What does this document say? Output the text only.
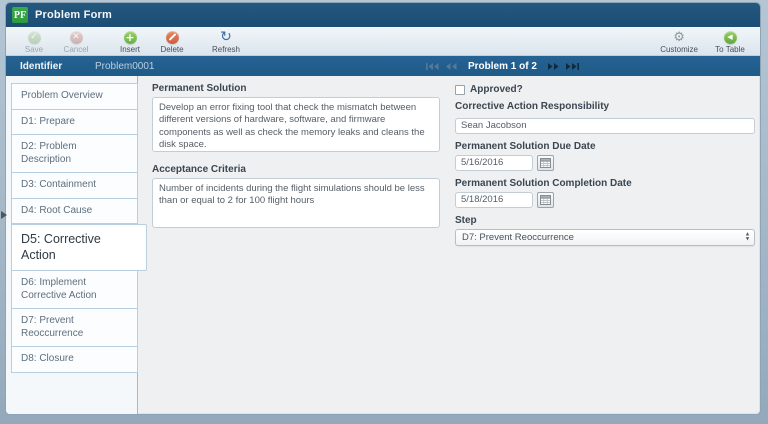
PF Problem Form
✓
Save
✕
Cancel
+
Insert	Delete
↻
Refresh
⚙
Customize
◀
To Table
Identifier	Problem0001	Problem 1 of 2
Problem Overview
D1: Prepare
D2: Problem Description
D3: Containment
D4: Root Cause
D5: Corrective Action
D6: Implement Corrective Action
D7: Prevent Reoccurrence
D8: Closure
Permanent Solution
Develop an error fixing tool that check the mismatch between different versions of hardware, software, and firmware components as well as check the memory leaks and cleans the disk space.
Acceptance Criteria
Number of incidents during the flight simulations should be less than or equal to 2 for 100 flight hours
Approved?
Corrective Action Responsibility
Sean Jacobson
Permanent Solution Due Date
5/16/2016
Permanent Solution Completion Date
5/18/2016
Step
D7: Prevent Reoccurrence	▲
▼
